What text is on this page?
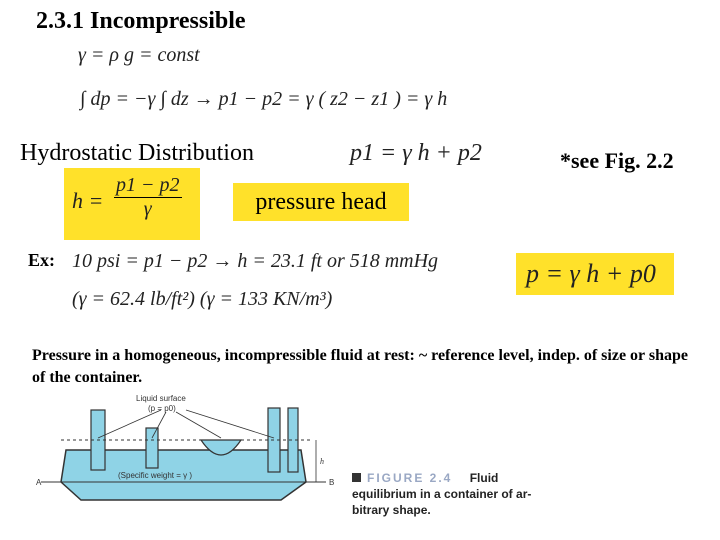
2.3.1 Incompressible
γ = ρ g = const
∫ dp = −γ ∫ dz → p1 − p2 = γ ( z2 − z1 ) = γ h
Hydrostatic Distribution	p1 = γ h + p2	*see Fig. 2.2
$h = \frac{p1 - p2}{\gamma}$	pressure head
Ex: 10 psi = p1 − p2 → h = 23.1 ft or 518 mmHg
(γ = 62.4 lb/ft²) (γ = 133 KN/m³)
p = γ h + p0
Pressure in a homogeneous, incompressible fluid at rest: ~ reference level, indep. of size or shape of the container.
Liquid surface
(p = p0)
(Specific weight = γ )
A	B
h
FIGURE 2.4 Fluid
equilibrium in a container of ar-
bitrary shape.
